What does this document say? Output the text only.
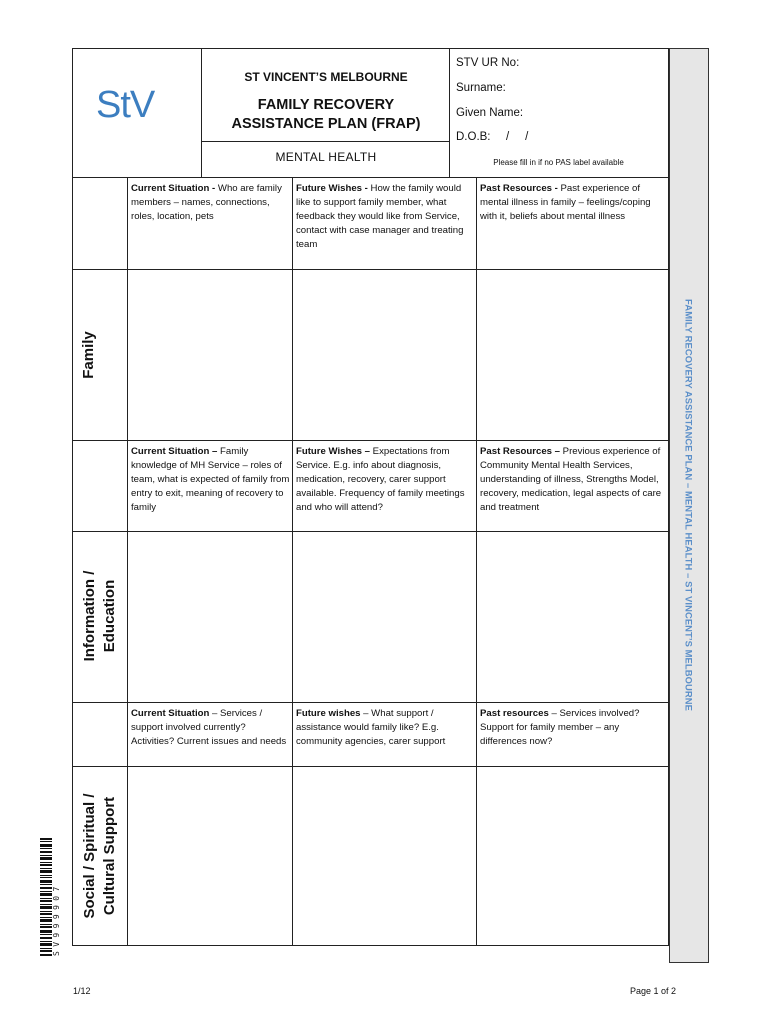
StV
ST VINCENT’S MELBOURNE
FAMILY RECOVERY
ASSISTANCE PLAN (FRAP)
MENTAL HEALTH
STV UR No:
Surname:
Given Name:
D.O.B: /     /
Please fill in if no PAS label available
Family
Information / Education
Social / Spiritual / Cultural Support
Current Situation - Who are family members – names, connections, roles, location, pets
Future Wishes - How the family would like to support family member, what feedback they would like from Service, contact with case manager and treating team
Past Resources - Past experience of mental illness in family – feelings/coping with it, beliefs about mental illness
Current Situation – Family knowledge of MH Service – roles of team, what is expected of family from entry to exit, meaning of recovery to family
Future Wishes – Expectations from Service. E.g. info about diagnosis, medication, recovery, carer support available. Frequency of family meetings and who will attend?
Past Resources – Previous experience of Community Mental Health Services, understanding of illness, Strengths Model, recovery, medication, legal aspects of care and treatment
Current Situation – Services / support involved currently? Activities? Current issues and needs
Future wishes – What support / assistance would family like? E.g. community agencies, carer support
Past resources – Services involved? Support for family member – any differences now?
FAMILY RECOVERY ASSISTANCE PLAN – MENTAL HEALTH – ST VINCENT’S MELBOURNE
SV999907
1/12	Page 1 of 2
